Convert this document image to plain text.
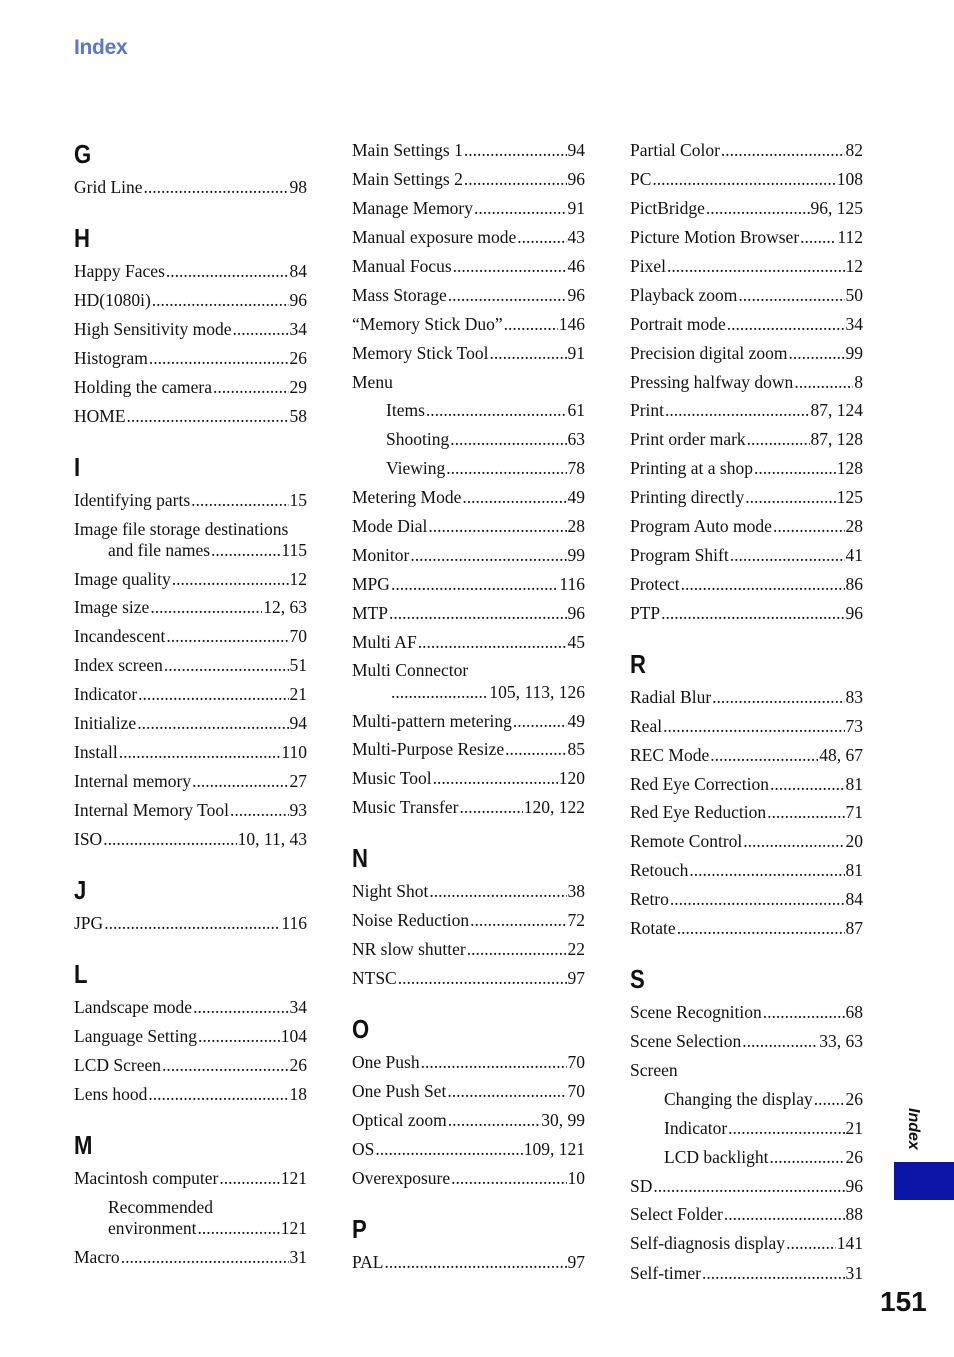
Index
G
Grid Line .....	98
H
Happy Faces .....	84
HD(1080i) .....	96
High Sensitivity mode .....	34
Histogram .....	26
Holding the camera .....	29
HOME .....	58
I
Identifying parts .....	15
Image file storage destinations
and file names .....	115
Image quality .....	12
Image size .....	12, 63
Incandescent .....	70
Index screen .....	51
Indicator .....	21
Initialize .....	94
Install .....	110
Internal memory .....	27
Internal Memory Tool .....	93
ISO .....	10, 11, 43
J
JPG .....	116
L
Landscape mode .....	34
Language Setting .....	104
LCD Screen .....	26
Lens hood .....	18
M
Macintosh computer .....	121
Recommended
environment .....	121
Macro .....	31
Main Settings 1 .....	94
Main Settings 2 .....	96
Manage Memory .....	91
Manual exposure mode .....	43
Manual Focus .....	46
Mass Storage .....	96
“Memory Stick Duo” .....	146
Memory Stick Tool .....	91
Menu
Items .....	61
Shooting .....	63
Viewing .....	78
Metering Mode .....	49
Mode Dial .....	28
Monitor .....	99
MPG .....	116
MTP .....	96
Multi AF .....	45
Multi Connector
.....
105, 113, 126
Multi-pattern metering .....	49
Multi-Purpose Resize .....	85
Music Tool .....	120
Music Transfer .....	120, 122
N
Night Shot .....	38
Noise Reduction .....	72
NR slow shutter .....	22
NTSC .....	97
O
One Push .....	70
One Push Set .....	70
Optical zoom .....	30, 99
OS .....	109, 121
Overexposure .....	10
P
PAL .....	97
Partial Color .....	82
PC .....	108
PictBridge .....	96, 125
Picture Motion Browser ..... 112
Pixel .....	12
Playback zoom .....	50
Portrait mode .....	34
Precision digital zoom .....	99
Pressing halfway down .....	8
Print .....	87, 124
Print order mark .....	87, 128
Printing at a shop .....	128
Printing directly .....	125
Program Auto mode .....	28
Program Shift .....	41
Protect .....	86
PTP .....	96
R
Radial Blur .....	83
Real .....	73
REC Mode .....	48, 67
Red Eye Correction .....	81
Red Eye Reduction .....	71
Remote Control .....	20
Retouch .....	81
Retro .....	84
Rotate .....	87
S
Scene Recognition .....	68
Scene Selection .....	33, 63
Screen
Changing the display ..... 26
Indicator .....	21
LCD backlight .....	26
SD .....	96
Select Folder .....	88
Self-diagnosis display .....	141
Self-timer .....	31
Index
151
